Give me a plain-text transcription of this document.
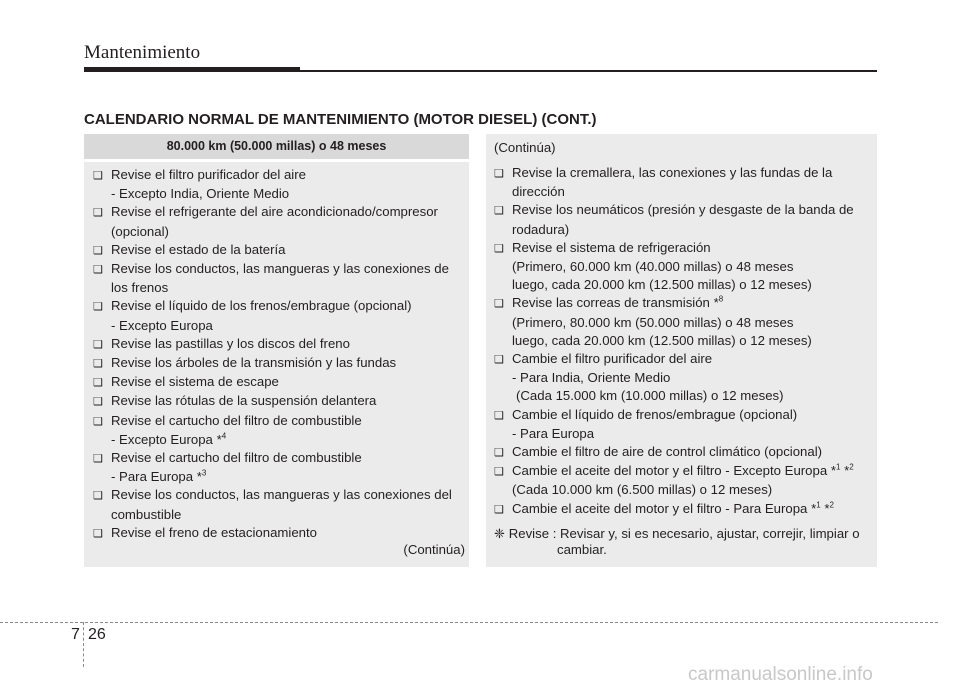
Mantenimiento
CALENDARIO NORMAL DE MANTENIMIENTO (MOTOR DIESEL) (CONT.)
80.000 km (50.000 millas) o 48 meses
❑ Revise el filtro purificador del aire
- Excepto India, Oriente Medio
❑ Revise el refrigerante del aire acondicionado/compresor
(opcional)
❑ Revise el estado de la batería
❑ Revise los conductos, las mangueras y las conexiones de
los frenos
❑ Revise el líquido de los frenos/embrague (opcional)
- Excepto Europa
❑ Revise las pastillas y los discos del freno
❑ Revise los árboles de la transmisión y las fundas
❑ Revise el sistema de escape
❑ Revise las rótulas de la suspensión delantera
❑ Revise el cartucho del filtro de combustible
- Excepto Europa *$^4$
❑ Revise el cartucho del filtro de combustible
- Para Europa *$^3$
❑ Revise los conductos, las mangueras y las conexiones del
combustible
❑ Revise el freno de estacionamiento
(Continúa)
(Continúa)
❑ Revise la cremallera, las conexiones y las fundas de la
dirección
❑ Revise los neumáticos (presión y desgaste de la banda de
rodadura)
❑ Revise el sistema de refrigeración
(Primero, 60.000 km (40.000 millas) o 48 meses
luego, cada 20.000 km (12.500 millas) o 12 meses)
❑ Revise las correas de transmisión *$^8$
(Primero, 80.000 km (50.000 millas) o 48 meses
luego, cada 20.000 km (12.500 millas) o 12 meses)
❑ Cambie el filtro purificador del aire
- Para India, Oriente Medio
(Cada 15.000 km (10.000 millas) o 12 meses)
❑ Cambie el líquido de frenos/embrague (opcional)
- Para Europa
❑ Cambie el filtro de aire de control climático (opcional)
❑ Cambie el aceite del motor y el filtro - Excepto Europa *$^1$ *$^2$
(Cada 10.000 km (6.500 millas) o 12 meses)
❑ Cambie el aceite del motor y el filtro - Para Europa *$^1$ *$^2$
❈ Revise : Revisar y, si es necesario, ajustar, correjir, limpiar o
cambiar.
7 26
carmanualsonline.info
